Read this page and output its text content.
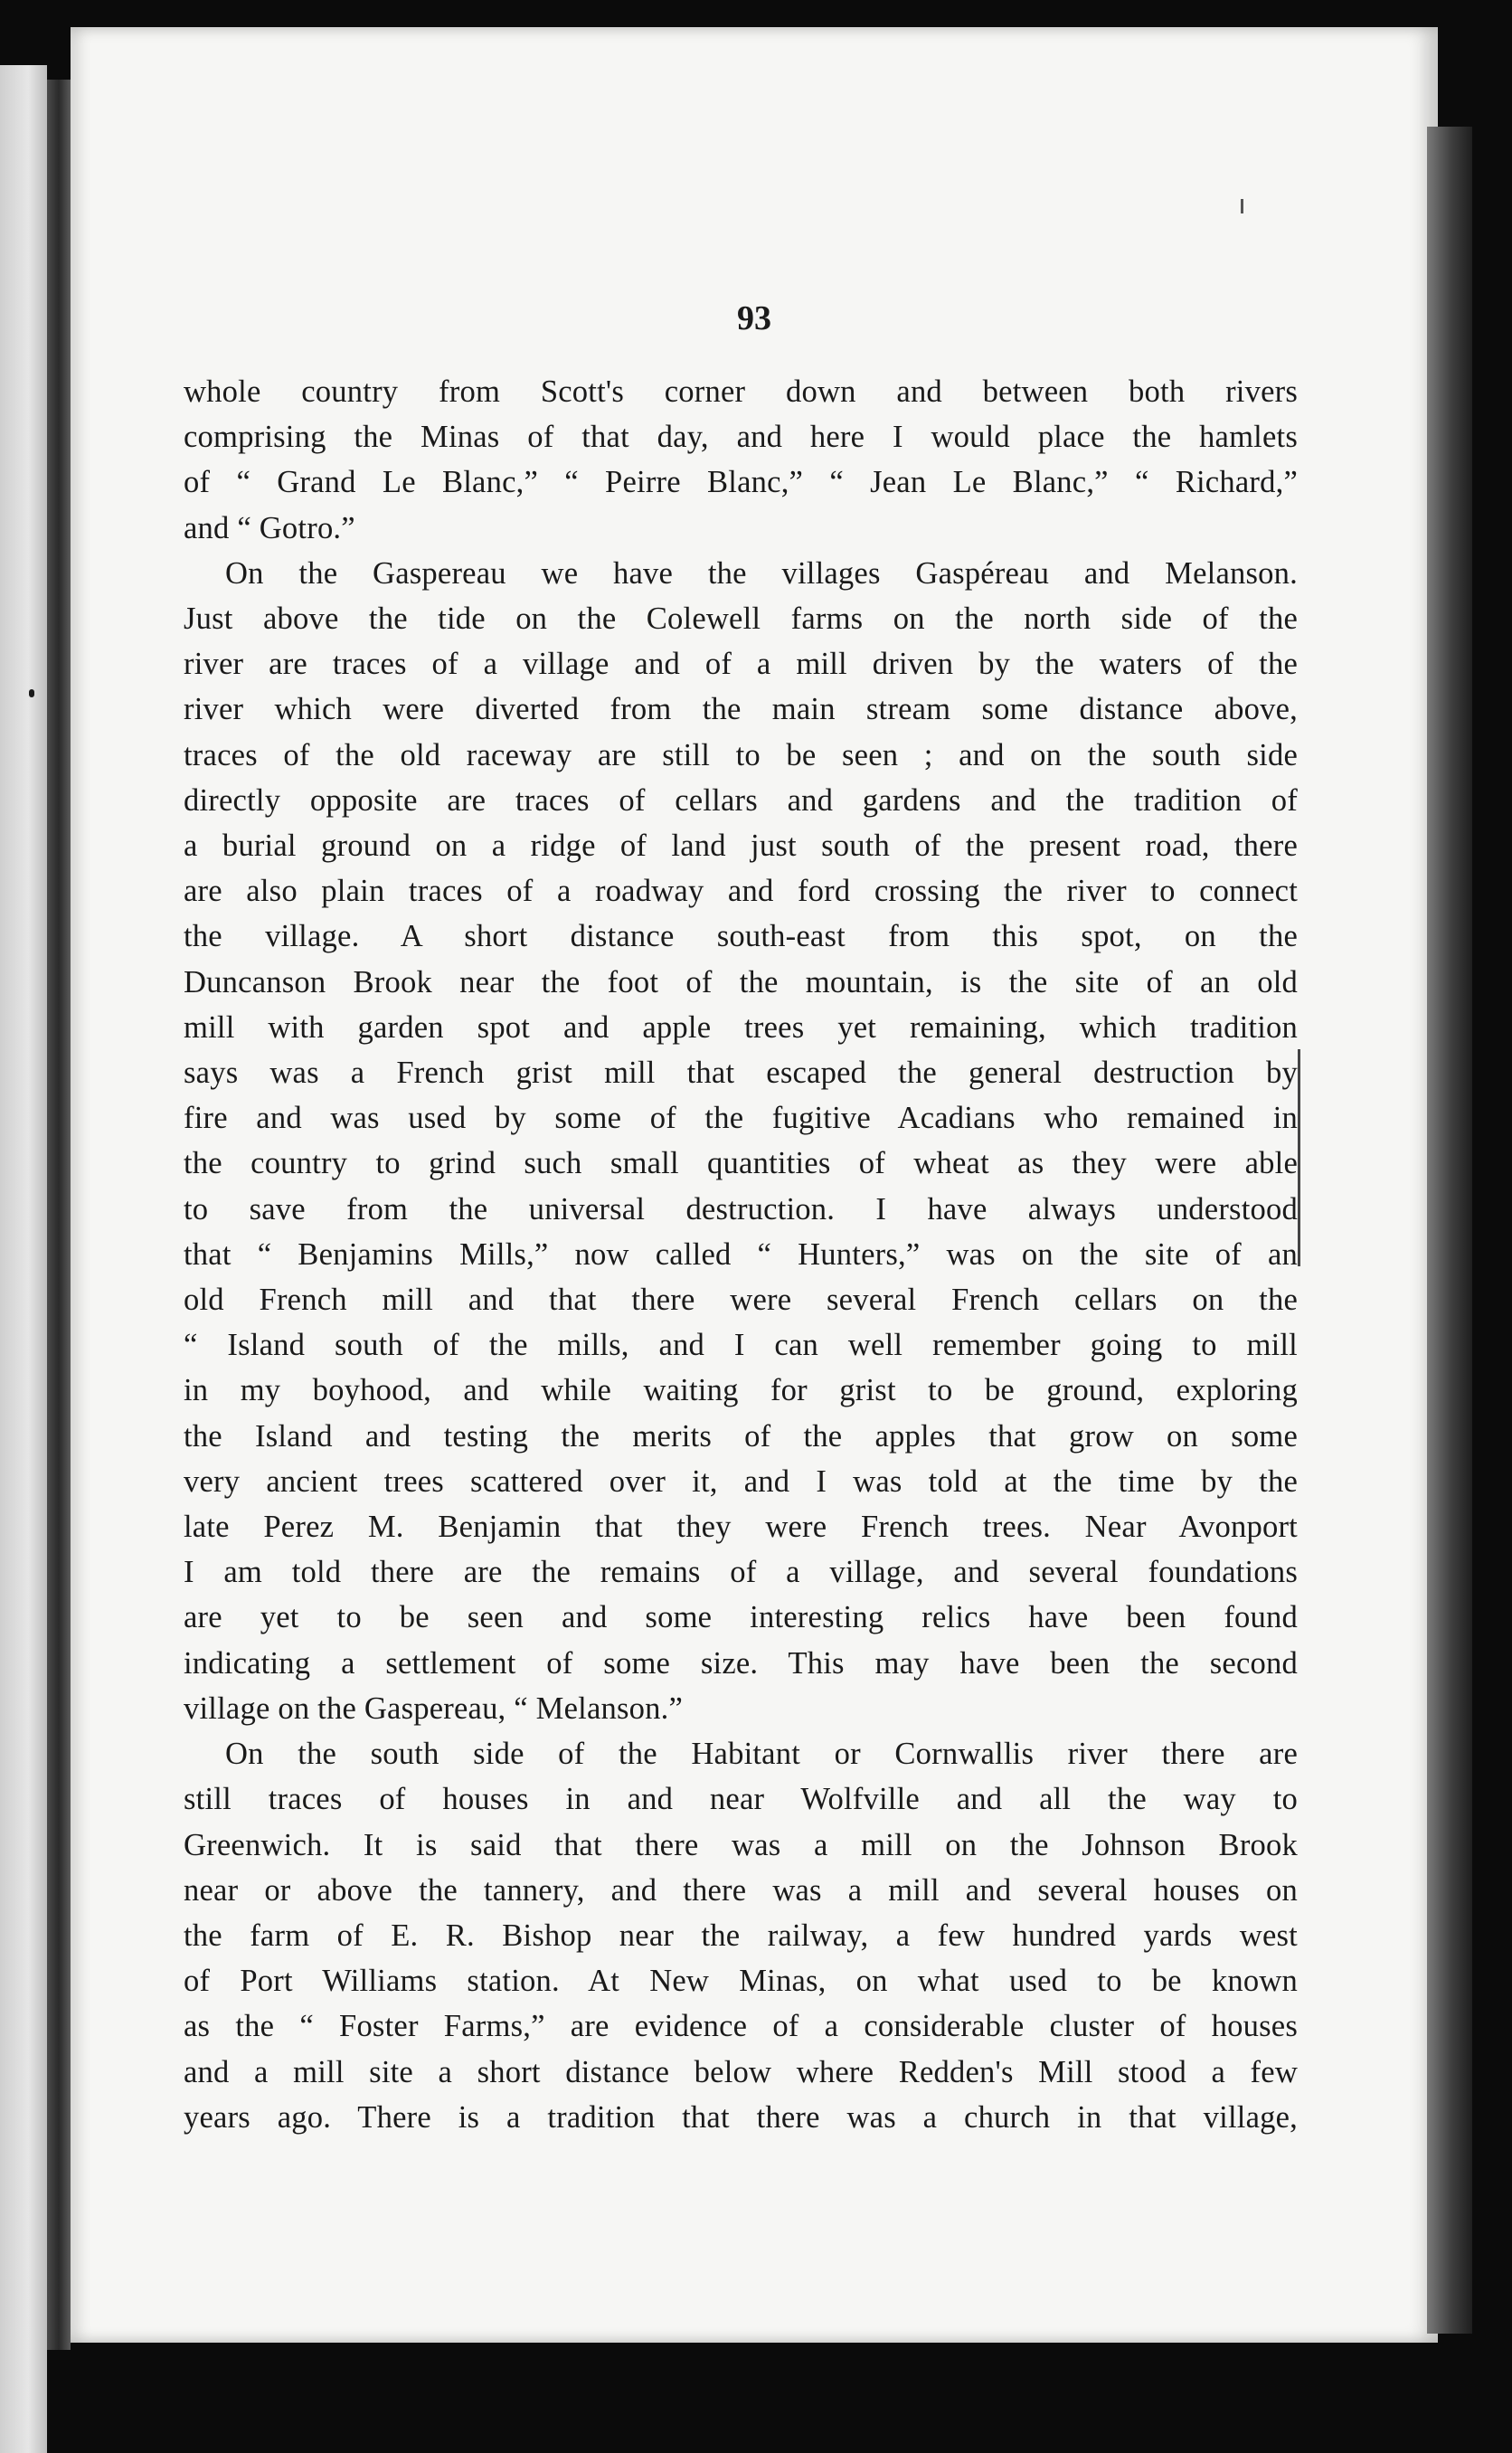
93

whole country from Scott's corner down and between both rivers
comprising the Minas of that day, and here I would place the hamlets
of “ Grand Le Blanc,” “ Peirre Blanc,” “ Jean Le Blanc,” “ Richard,”
and “ Gotro.”

On the Gaspereau we have the villages Gaspéreau and Melanson.
Just above the tide on the Colewell farms on the north side of the
river are traces of a village and of a mill driven by the waters of the
river which were diverted from the main stream some distance above,
traces of the old raceway are still to be seen ; and on the south side
directly opposite are traces of cellars and gardens and the tradition of
a burial ground on a ridge of land just south of the present road, there
are also plain traces of a roadway and ford crossing the river to connect
the village. A short distance south-east from this spot, on the
Duncanson Brook near the foot of the mountain, is the site of an old
mill with garden spot and apple trees yet remaining, which tradition
says was a French grist mill that escaped the general destruction by
fire and was used by some of the fugitive Acadians who remained in
the country to grind such small quantities of wheat as they were able
to save from the universal destruction. I have always understood
that “ Benjamins Mills,” now called “ Hunters,” was on the site of an
old French mill and that there were several French cellars on the
“ Island south of the mills, and I can well remember going to mill
in my boyhood, and while waiting for grist to be ground, exploring
the Island and testing the merits of the apples that grow on some
very ancient trees scattered over it, and I was told at the time by the
late Perez M. Benjamin that they were French trees. Near Avonport
I am told there are the remains of a village, and several foundations
are yet to be seen and some interesting relics have been found
indicating a settlement of some size. This may have been the second
village on the Gaspereau, “ Melanson.”

On the south side of the Habitant or Cornwallis river there are
still traces of houses in and near Wolfville and all the way to
Greenwich. It is said that there was a mill on the Johnson Brook
near or above the tannery, and there was a mill and several houses on
the farm of E. R. Bishop near the railway, a few hundred yards west
of Port Williams station. At New Minas, on what used to be known
as the “ Foster Farms,” are evidence of a considerable cluster of houses
and a mill site a short distance below where Redden's Mill stood a few
years ago. There is a tradition that there was a church in that village,
